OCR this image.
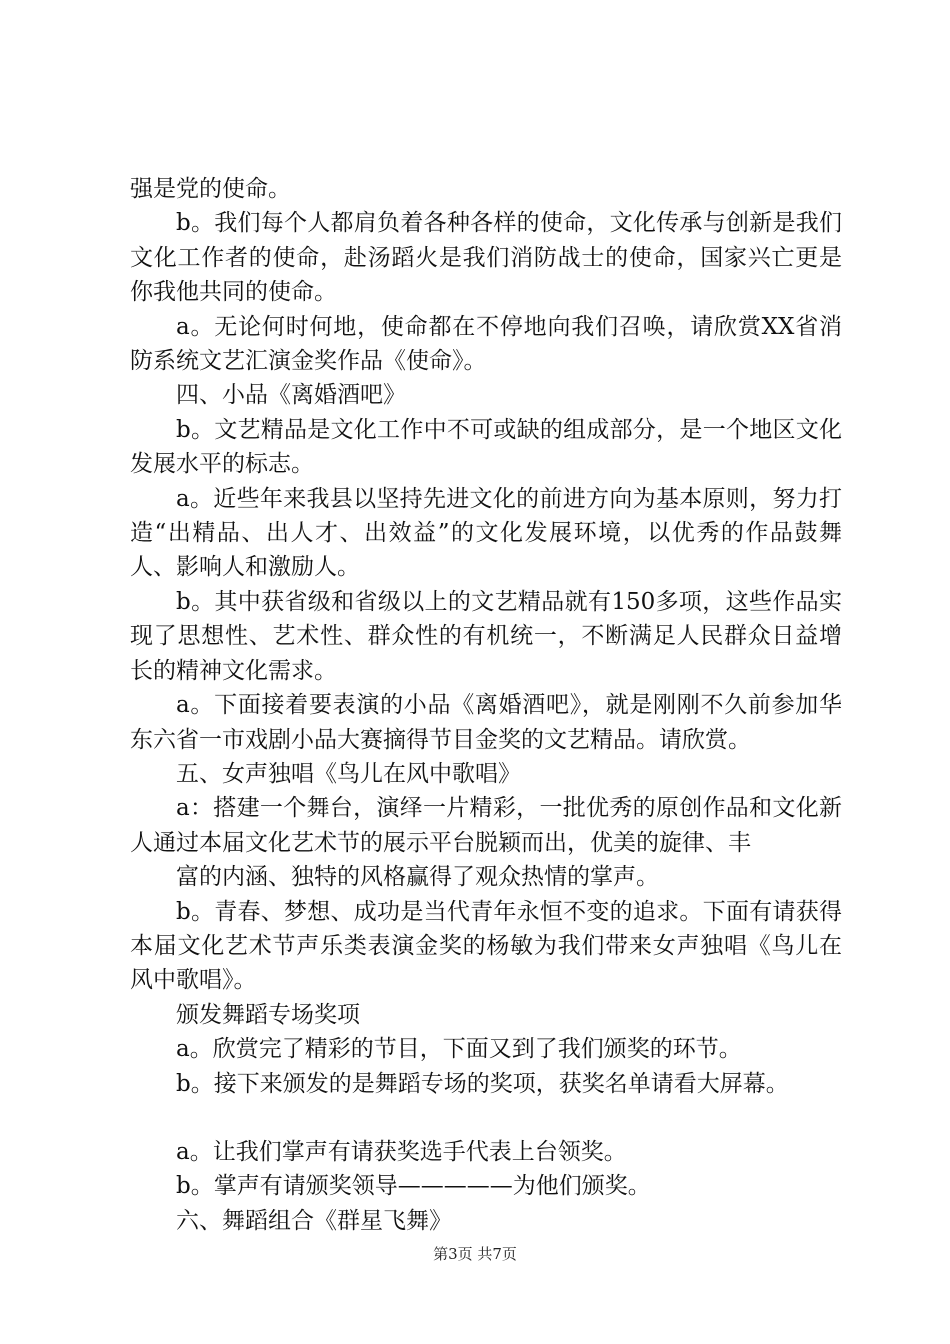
强是党的使命。

b。我们每个人都肩负着各种各样的使命，文化传承与创新是我们文化工作者的使命，赴汤蹈火是我们消防战士的使命，国家兴亡更是你我他共同的使命。

a。无论何时何地，使命都在不停地向我们召唤，请欣赏XX省消防系统文艺汇演金奖作品《使命》。

四、小品《离婚酒吧》

b。文艺精品是文化工作中不可或缺的组成部分，是一个地区文化发展水平的标志。

a。近些年来我县以坚持先进文化的前进方向为基本原则，努力打造“出精品、出人才、出效益”的文化发展环境，以优秀的作品鼓舞人、影响人和激励人。

b。其中获省级和省级以上的文艺精品就有150多项，这些作品实现了思想性、艺术性、群众性的有机统一，不断满足人民群众日益增长的精神文化需求。

a。下面接着要表演的小品《离婚酒吧》，就是刚刚不久前参加华东六省一市戏剧小品大赛摘得节目金奖的文艺精品。请欣赏。

五、女声独唱《鸟儿在风中歌唱》

a：搭建一个舞台，演绎一片精彩，一批优秀的原创作品和文化新人通过本届文化艺术节的展示平台脱颖而出，优美的旋律、丰

富的内涵、独特的风格赢得了观众热情的掌声。

b。青春、梦想、成功是当代青年永恒不变的追求。下面有请获得本届文化艺术节声乐类表演金奖的杨敏为我们带来女声独唱《鸟儿在风中歌唱》。

颁发舞蹈专场奖项

a。欣赏完了精彩的节目，下面又到了我们颁奖的环节。

b。接下来颁发的是舞蹈专场的奖项，获奖名单请看大屏幕。

a。让我们掌声有请获奖选手代表上台领奖。

b。掌声有请颁奖领导—————为他们颁奖。

六、舞蹈组合《群星飞舞》

第3页 共7页
